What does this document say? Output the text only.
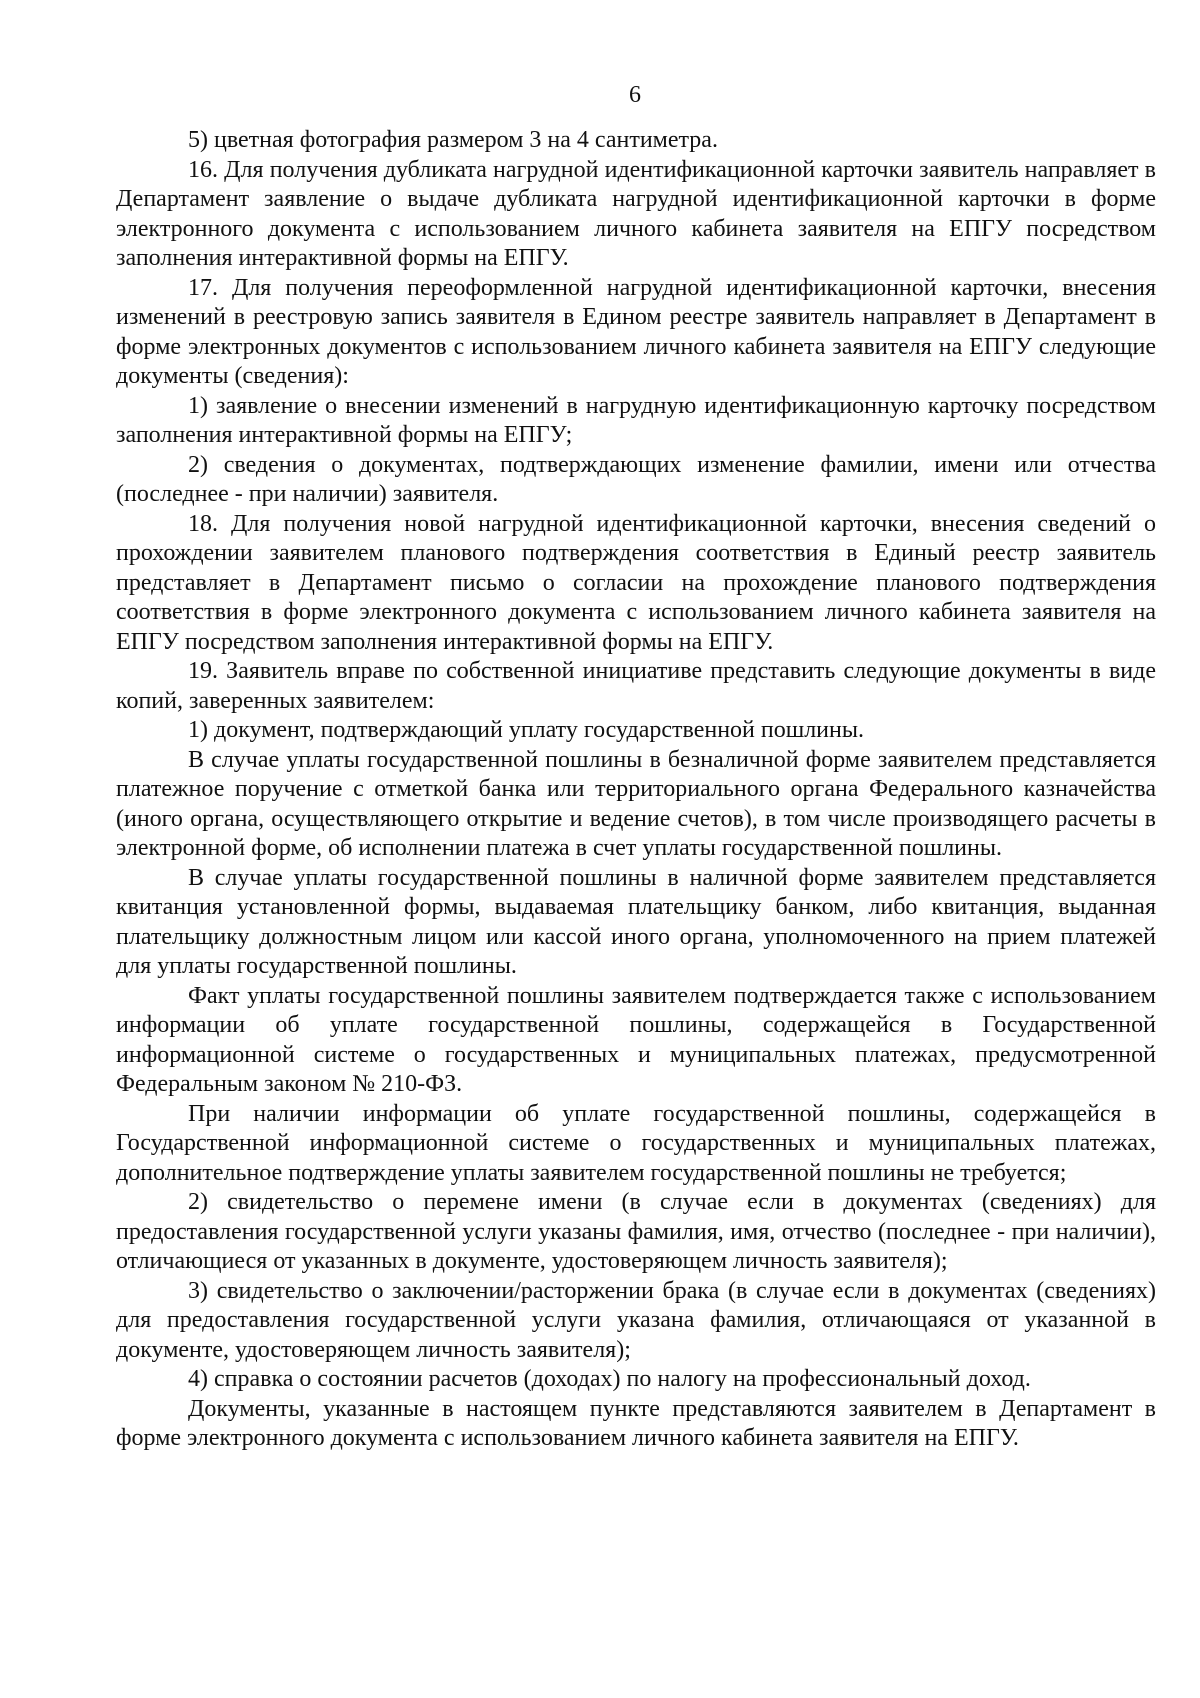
6

5) цветная фотография размером 3 на 4 сантиметра.

16. Для получения дубликата нагрудной идентификационной карточки заявитель направляет в Департамент заявление о выдаче дубликата нагрудной идентификационной карточки в форме электронного документа с использованием личного кабинета заявителя на ЕПГУ посредством заполнения интерактивной формы на ЕПГУ.

17. Для получения переоформленной нагрудной идентификационной карточки, внесения изменений в реестровую запись заявителя в Едином реестре заявитель направляет в Департамент в форме электронных документов с использованием личного кабинета заявителя на ЕПГУ следующие документы (сведения):

1) заявление о внесении изменений в нагрудную идентификационную карточку посредством заполнения интерактивной формы на ЕПГУ;

2) сведения о документах, подтверждающих изменение фамилии, имени или отчества (последнее - при наличии) заявителя.

18. Для получения новой нагрудной идентификационной карточки, внесения сведений о прохождении заявителем планового подтверждения соответствия в Единый реестр заявитель представляет в Департамент письмо о согласии на прохождение планового подтверждения соответствия в форме электронного документа с использованием личного кабинета заявителя на ЕПГУ посредством заполнения интерактивной формы на ЕПГУ.

19. Заявитель вправе по собственной инициативе представить следующие документы в виде копий, заверенных заявителем:

1) документ, подтверждающий уплату государственной пошлины.

В случае уплаты государственной пошлины в безналичной форме заявителем представляется платежное поручение с отметкой банка или территориального органа Федерального казначейства (иного органа, осуществляющего открытие и ведение счетов), в том числе производящего расчеты в электронной форме, об исполнении платежа в счет уплаты государственной пошлины.

В случае уплаты государственной пошлины в наличной форме заявителем представляется квитанция установленной формы, выдаваемая плательщику банком, либо квитанция, выданная плательщику должностным лицом или кассой иного органа, уполномоченного на прием платежей для уплаты государственной пошлины.

Факт уплаты государственной пошлины заявителем подтверждается также с использованием информации об уплате государственной пошлины, содержащейся в Государственной информационной системе о государственных и муниципальных платежах, предусмотренной Федеральным законом № 210-ФЗ.

При наличии информации об уплате государственной пошлины, содержащейся в Государственной информационной системе о государственных и муниципальных платежах, дополнительное подтверждение уплаты заявителем государственной пошлины не требуется;

2) свидетельство о перемене имени (в случае если в документах (сведениях) для предоставления государственной услуги указаны фамилия, имя, отчество (последнее - при наличии), отличающиеся от указанных в документе, удостоверяющем личность заявителя);

3) свидетельство о заключении/расторжении брака (в случае если в документах (сведениях) для предоставления государственной услуги указана фамилия, отличающаяся от указанной в документе, удостоверяющем личность заявителя);

4) справка о состоянии расчетов (доходах) по налогу на профессиональный доход.

Документы, указанные в настоящем пункте представляются заявителем в Департамент в форме электронного документа с использованием личного кабинета заявителя на ЕПГУ.
